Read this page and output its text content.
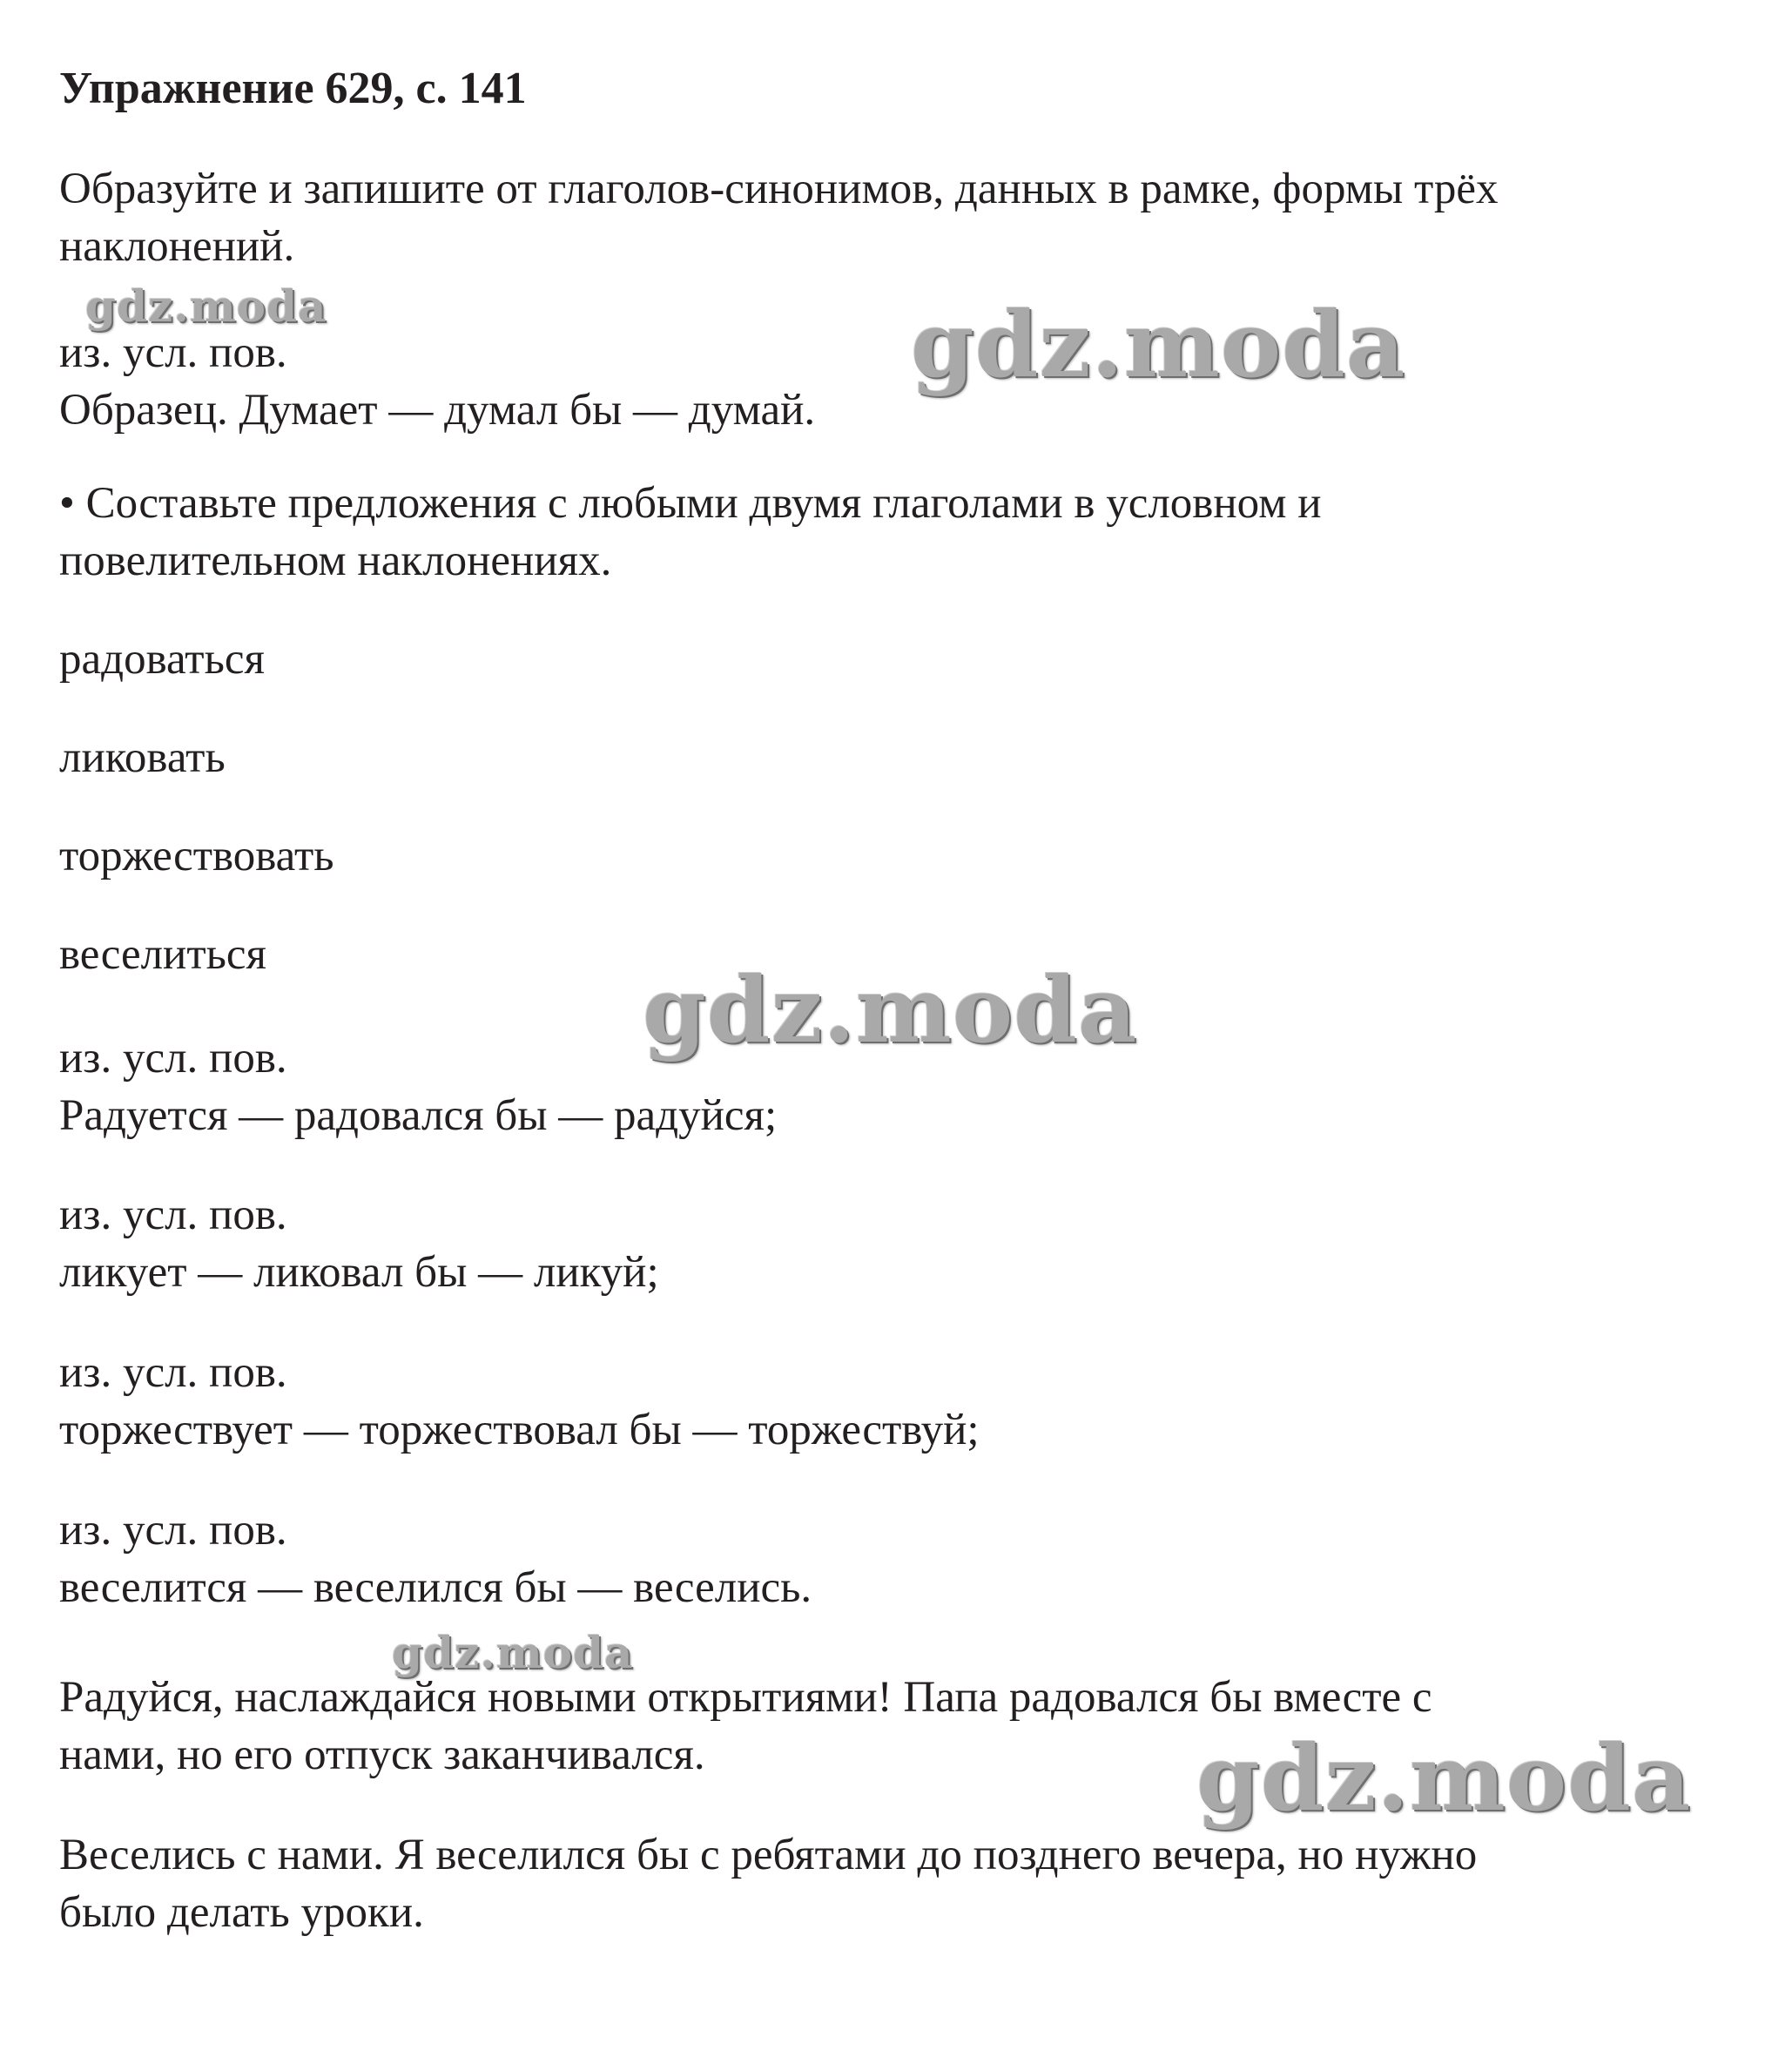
Упражнение 629, с. 141
Образуйте и запишите от глаголов-синонимов, данных в рамке, формы трёх
наклонений.
из. усл. пов.
Образец. Думает — думал бы — думай.
• Составьте предложения с любыми двумя глаголами в условном и
повелительном наклонениях.
радоваться
ликовать
торжествовать
веселиться
из. усл. пов.
Радуется — радовался бы — радуйся;
из. усл. пов.
ликует — ликовал бы — ликуй;
из. усл. пов.
торжествует — торжествовал бы — торжествуй;
из. усл. пов.
веселится — веселился бы — веселись.
Радуйся, наслаждайся новыми открытиями! Папа радовался бы вместе с
нами, но его отпуск заканчивался.
Веселись с нами. Я веселился бы с ребятами до позднего вечера, но нужно
было делать уроки.
gdz.moda	gdz.moda
gdz.moda
gdz.moda
gdz.moda
